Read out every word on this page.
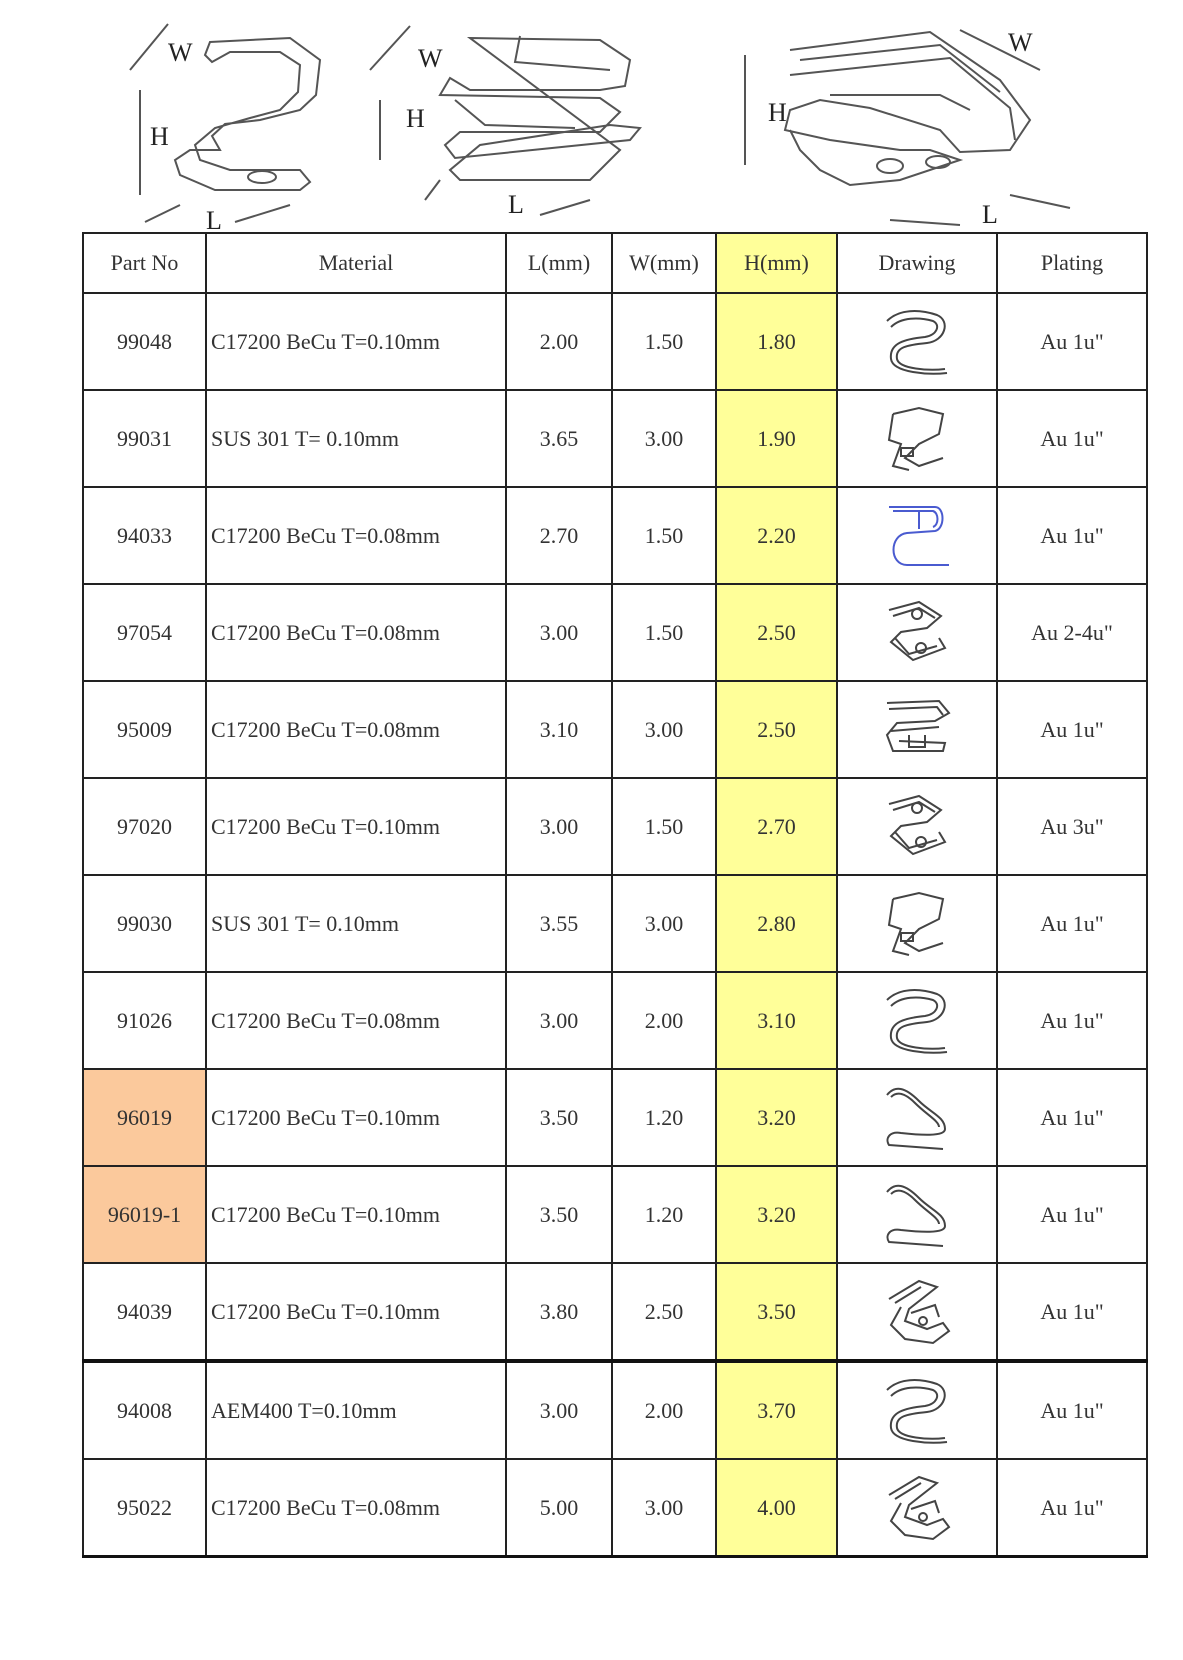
W
H
L
W
H
L
W
H
L
Part No	Material	L(mm)	W(mm)	H(mm)	Drawing	Plating
99048	C17200 BeCu T=0.10mm	2.00	1.50	1.80		Au 1u"
99031	SUS 301 T= 0.10mm	3.65	3.00	1.90		Au 1u"
94033	C17200 BeCu T=0.08mm	2.70	1.50	2.20		Au 1u"
97054	C17200 BeCu T=0.08mm	3.00	1.50	2.50		Au 2-4u"
95009	C17200 BeCu T=0.08mm	3.10	3.00	2.50		Au 1u"
97020	C17200 BeCu T=0.10mm	3.00	1.50	2.70		Au 3u"
99030	SUS 301 T= 0.10mm	3.55	3.00	2.80		Au 1u"
91026	C17200 BeCu T=0.08mm	3.00	2.00	3.10		Au 1u"
96019	C17200 BeCu T=0.10mm	3.50	1.20	3.20		Au 1u"
96019-1	C17200 BeCu T=0.10mm	3.50	1.20	3.20		Au 1u"
94039	C17200 BeCu T=0.10mm	3.80	2.50	3.50		Au 1u"
94008	AEM400 T=0.10mm	3.00	2.00	3.70		Au 1u"
95022	C17200 BeCu T=0.08mm	5.00	3.00	4.00		Au 1u"
